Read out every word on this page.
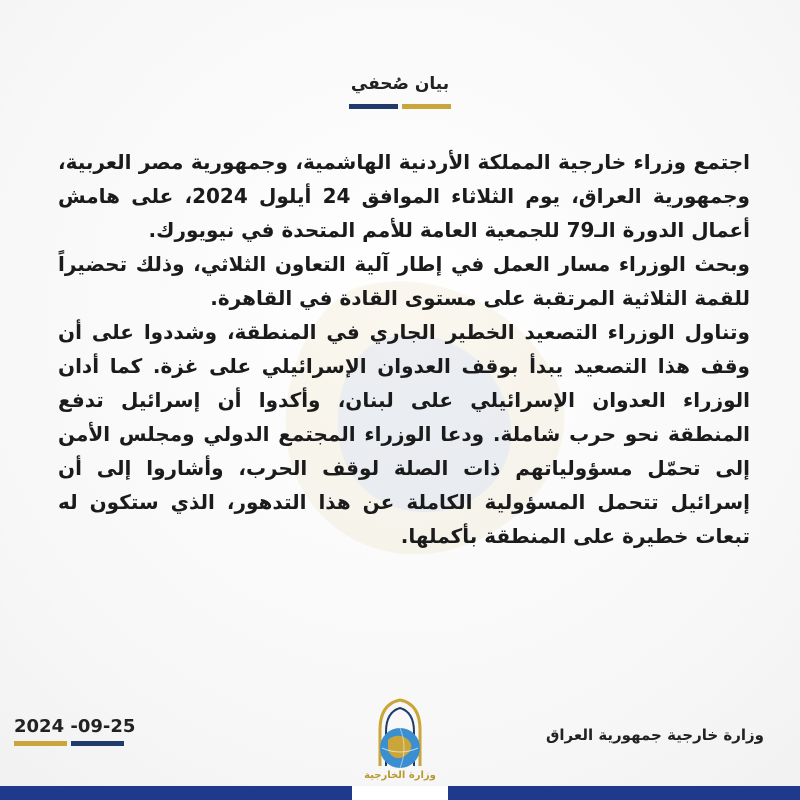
بيان صُحفي

اجتمع وزراء خارجية المملكة الأردنية الهاشمية، وجمهورية مصر العربية، وجمهورية العراق، يوم الثلاثاء الموافق 24 أيلول 2024، على هامش أعمال الدورة الـ79 للجمعية العامة للأمم المتحدة في نيويورك.

وبحث الوزراء مسار العمل في إطار آلية التعاون الثلاثي، وذلك تحضيراً للقمة الثلاثية المرتقبة على مستوى القادة في القاهرة.

وتناول الوزراء التصعيد الخطير الجاري في المنطقة، وشددوا على أن وقف هذا التصعيد يبدأ بوقف العدوان الإسرائيلي على غزة. كما أدان الوزراء العدوان الإسرائيلي على لبنان، وأكدوا أن إسرائيل تدفع المنطقة نحو حرب شاملة. ودعا الوزراء المجتمع الدولي ومجلس الأمن إلى تحمّل مسؤولياتهم ذات الصلة لوقف الحرب، وأشاروا إلى أن إسرائيل تتحمل المسؤولية الكاملة عن هذا التدهور، الذي ستكون له تبعات خطيرة على المنطقة بأكملها.

وزارة خارجية جمهورية العراق
2024 -09-25
وزارة الخارجية
